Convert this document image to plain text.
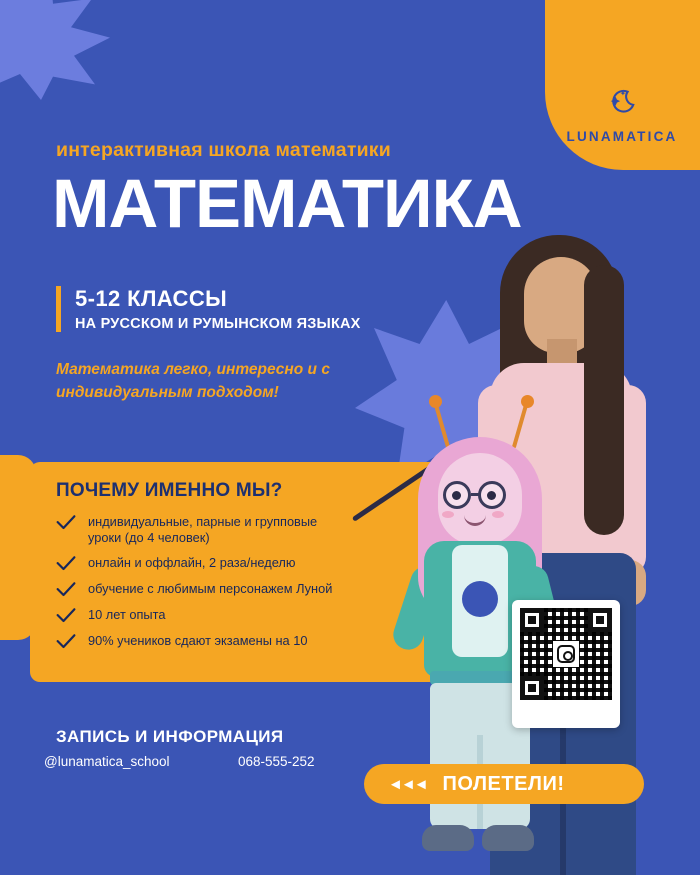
LUNAMATICA
интерактивная школа математики
МАТЕМАТИКА
5-12 КЛАССЫ
НА РУССКОМ И РУМЫНСКОМ ЯЗЫКАХ
Математика легко, интересно и с индивидуальным подходом!
ПОЧЕМУ ИМЕННО МЫ?
индивидуальные, парные и групповые уроки (до 4 человек)
онлайн и оффлайн, 2 раза/неделю
обучение с любимым персонажем Луной
10 лет опыта
90% учеников сдают экзамены на 10
ЗАПИСЬ И ИНФОРМАЦИЯ
@lunamatica_school	068-555-252
◄◄◄ ПОЛЕТЕЛИ!
